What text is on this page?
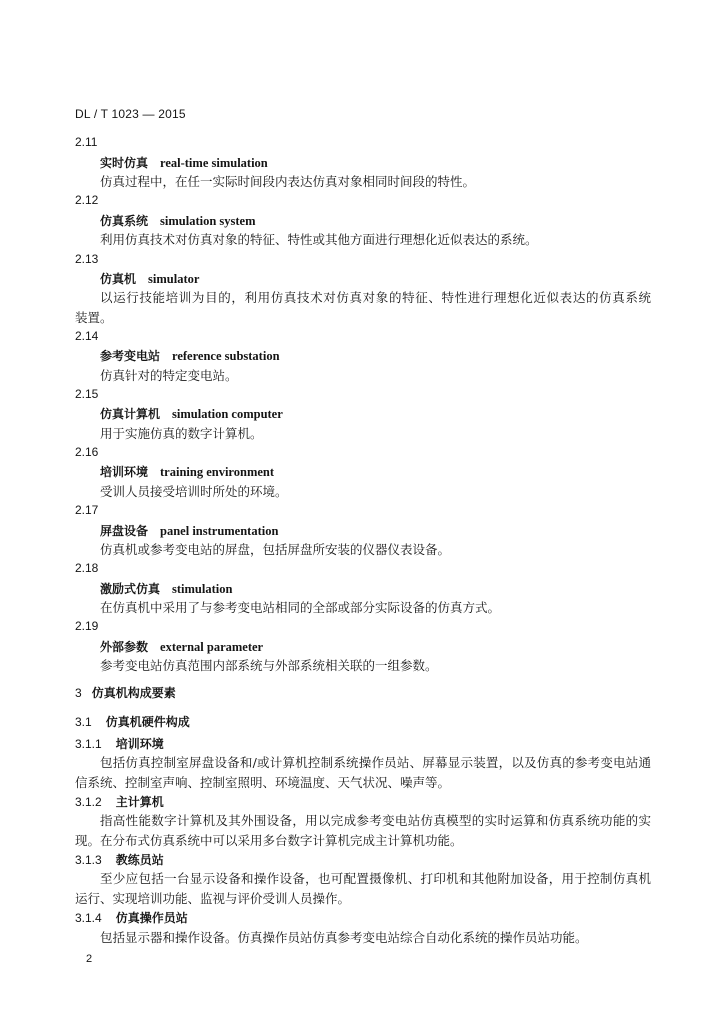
DL / T 1023 — 2015
2.11
实时仿真 real-time simulation
仿真过程中，在任一实际时间段内表达仿真对象相同时间段的特性。
2.12
仿真系统 simulation system
利用仿真技术对仿真对象的特征、特性或其他方面进行理想化近似表达的系统。
2.13
仿真机 simulator
以运行技能培训为目的，利用仿真技术对仿真对象的特征、特性进行理想化近似表达的仿真系统
装置。
2.14
参考变电站 reference substation
仿真针对的特定变电站。
2.15
仿真计算机 simulation computer
用于实施仿真的数字计算机。
2.16
培训环境 training environment
受训人员接受培训时所处的环境。
2.17
屏盘设备 panel instrumentation
仿真机或参考变电站的屏盘，包括屏盘所安装的仪器仪表设备。
2.18
激励式仿真 stimulation
在仿真机中采用了与参考变电站相同的全部或部分实际设备的仿真方式。
2.19
外部参数 external parameter
参考变电站仿真范围内部系统与外部系统相关联的一组参数。
3 仿真机构成要素
3.1 仿真机硬件构成
3.1.1 培训环境
包括仿真控制室屏盘设备和/或计算机控制系统操作员站、屏幕显示装置，以及仿真的参考变电站通
信系统、控制室声响、控制室照明、环境温度、天气状况、噪声等。
3.1.2 主计算机
指高性能数字计算机及其外围设备，用以完成参考变电站仿真模型的实时运算和仿真系统功能的实
现。在分布式仿真系统中可以采用多台数字计算机完成主计算机功能。
3.1.3 教练员站
至少应包括一台显示设备和操作设备，也可配置摄像机、打印机和其他附加设备，用于控制仿真机
运行、实现培训功能、监视与评价受训人员操作。
3.1.4 仿真操作员站
包括显示器和操作设备。仿真操作员站仿真参考变电站综合自动化系统的操作员站功能。
2
